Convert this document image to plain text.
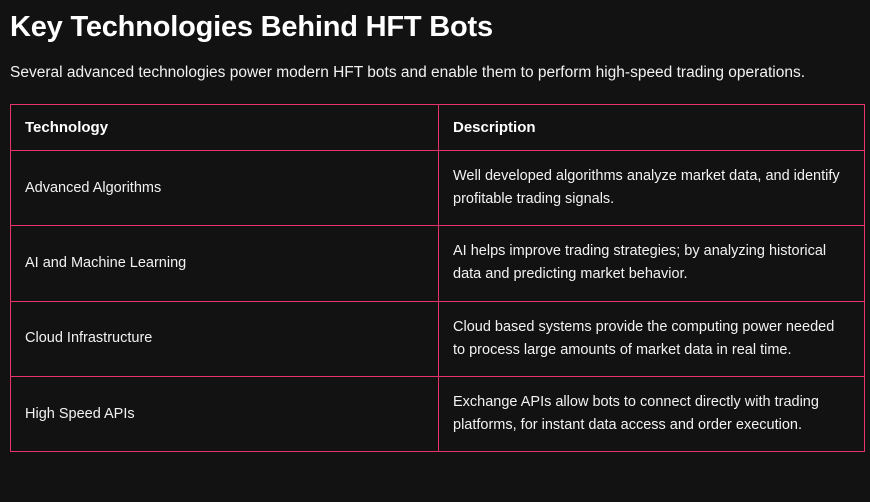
Key Technologies Behind HFT Bots

Several advanced technologies power modern HFT bots and enable them to perform high-speed trading operations.

Technology	Description
Advanced Algorithms	Well developed algorithms analyze market data, and identify profitable trading signals.
AI and Machine Learning	AI helps improve trading strategies; by analyzing historical data and predicting market behavior.
Cloud Infrastructure	Cloud based systems provide the computing power needed to process large amounts of market data in real time.
High Speed APIs	Exchange APIs allow bots to connect directly with trading platforms, for instant data access and order execution.
